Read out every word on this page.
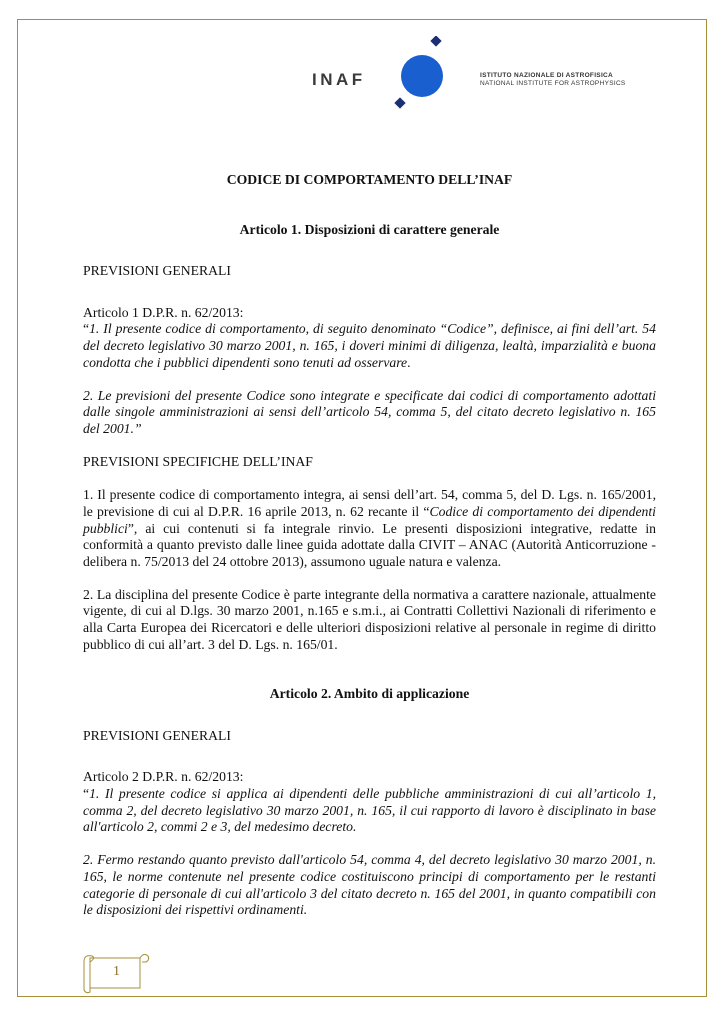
INAF	ISTITUTO NAZIONALE DI ASTROFISICA
NATIONAL INSTITUTE FOR ASTROPHYSICS

CODICE DI COMPORTAMENTO DELL’INAF

Articolo 1. Disposizioni di carattere generale

PREVISIONI GENERALI

Articolo 1 D.P.R. n. 62/2013:

“1. Il presente codice di comportamento, di seguito denominato “Codice”, definisce, ai fini dell’art. 54 del decreto legislativo 30 marzo 2001, n. 165, i doveri minimi di diligenza, lealtà, imparzialità e buona condotta che i pubblici dipendenti sono tenuti ad osservare.

2. Le previsioni del presente Codice sono integrate e specificate dai codici di comportamento adottati dalle singole amministrazioni ai sensi dell’articolo 54, comma 5, del citato decreto legislativo n. 165 del 2001.”

PREVISIONI SPECIFICHE DELL’INAF

1. Il presente codice di comportamento integra, ai sensi dell’art. 54, comma 5, del D. Lgs. n. 165/2001, le previsione di cui al D.P.R. 16 aprile 2013, n. 62 recante il “Codice di comportamento dei dipendenti pubblici”, ai cui contenuti si fa integrale rinvio. Le presenti disposizioni integrative, redatte in conformità a quanto previsto dalle linee guida adottate dalla CIVIT – ANAC (Autorità Anticorruzione - delibera n. 75/2013 del 24 ottobre 2013), assumono uguale natura e valenza.

2. La disciplina del presente Codice è parte integrante della normativa a carattere nazionale, attualmente vigente, di cui al D.lgs. 30 marzo 2001, n.165 e s.m.i., ai Contratti Collettivi Nazionali di riferimento e alla Carta Europea dei Ricercatori e delle ulteriori disposizioni relative al personale in regime di diritto pubblico di cui all’art. 3 del D. Lgs. n. 165/01.

Articolo 2. Ambito di applicazione

PREVISIONI GENERALI

Articolo 2 D.P.R. n. 62/2013:

“1. Il presente codice si applica ai dipendenti delle pubbliche amministrazioni di cui all’articolo 1, comma 2, del decreto legislativo 30 marzo 2001, n. 165, il cui rapporto di lavoro è disciplinato in base all'articolo 2, commi 2 e 3, del medesimo decreto.

2. Fermo restando quanto previsto dall'articolo 54, comma 4, del decreto legislativo 30 marzo 2001, n. 165, le norme contenute nel presente codice costituiscono principi di comportamento per le restanti categorie di personale di cui all'articolo 3 del citato decreto n. 165 del 2001, in quanto compatibili con le disposizioni dei rispettivi ordinamenti.

1
